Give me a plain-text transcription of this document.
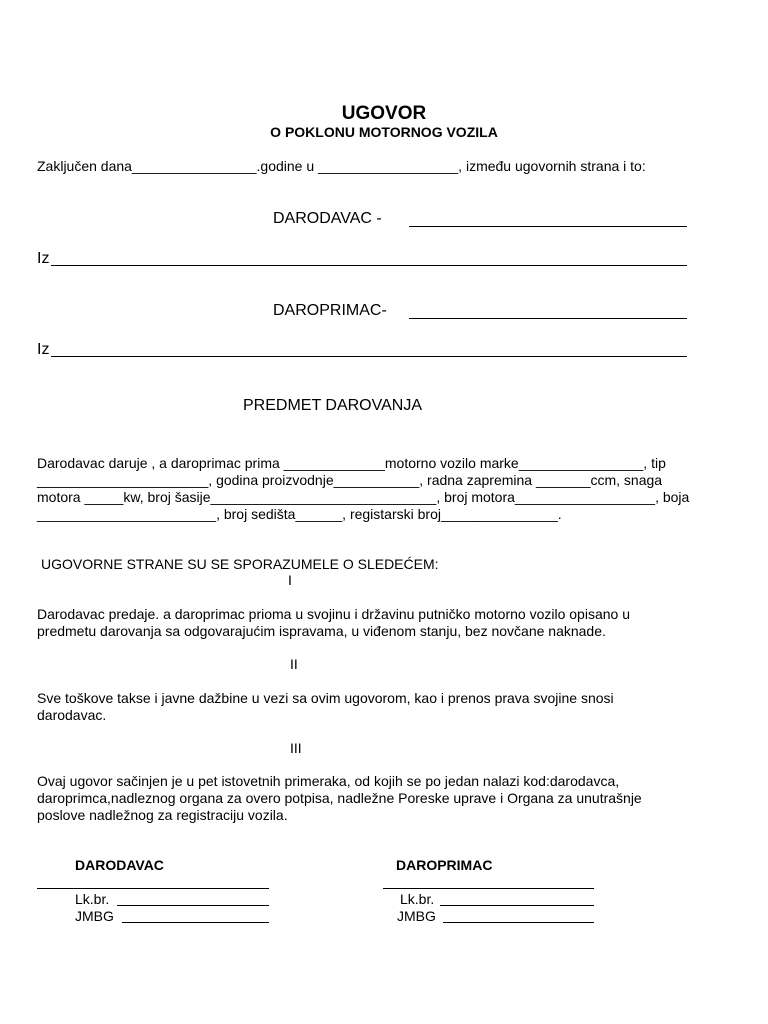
UGOVOR
O POKLONU MOTORNOG VOZILA
Zaključen dana________________.godine u __________________, između ugovornih strana i to:
DARODAVAC -
Iz
DAROPRIMAC-
Iz
PREDMET DAROVANJA
Darodavac daruje , a daroprimac prima _____________motorno vozilo marke________________, tip
______________________, godina proizvodnje___________, radna zapremina _______ccm, snaga
motora _____kw, broj šasije_____________________________, broj motora__________________, boja
_______________________, broj sedišta______, registarski broj_______________.
UGOVORNE STRANE SU SE SPORAZUMELE O SLEDEĆEM:
I
Darodavac predaje. a daroprimac prioma u svojinu i državinu putničko motorno vozilo opisano u
predmetu darovanja sa odgovarajućim ispravama, u viđenom stanju, bez novčane naknade.
II
Sve toškove takse i javne dažbine u vezi sa ovim ugovorom, kao i prenos prava svojine snosi
darodavac.
III
Ovaj ugovor sačinjen je u pet istovetnih primeraka, od kojih se po jedan nalazi kod:darodavca,
daroprimca,nadleznog organa za overo potpisa, nadležne Poreske uprave i Organa za unutrašnje
poslove nadležnog za registraciju vozila.
DARODAVAC
Lk.br.
JMBG
DAROPRIMAC
Lk.br.
JMBG
